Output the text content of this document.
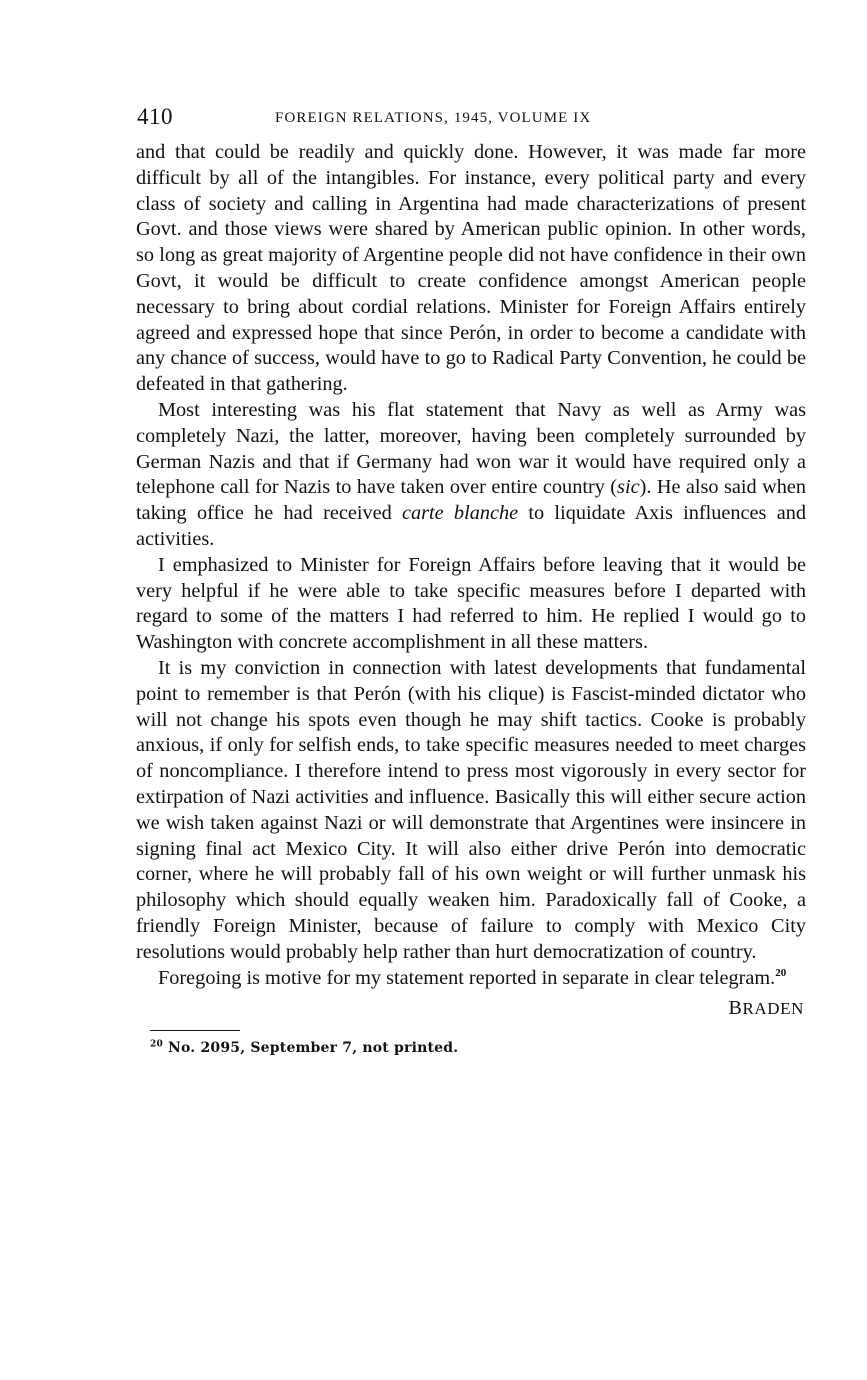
410	FOREIGN RELATIONS, 1945, VOLUME IX

and that could be readily and quickly done. However, it was made far more difficult by all of the intangibles. For instance, every political party and every class of society and calling in Argentina had made characterizations of present Govt. and those views were shared by American public opinion. In other words, so long as great majority of Argentine people did not have confidence in their own Govt, it would be difficult to create confidence amongst American people necessary to bring about cordial relations. Minister for Foreign Affairs entirely agreed and expressed hope that since Perón, in order to become a candidate with any chance of success, would have to go to Radical Party Convention, he could be defeated in that gathering.

Most interesting was his flat statement that Navy as well as Army was completely Nazi, the latter, moreover, having been completely surrounded by German Nazis and that if Germany had won war it would have required only a telephone call for Nazis to have taken over entire country (sic). He also said when taking office he had received carte blanche to liquidate Axis influences and activities.

I emphasized to Minister for Foreign Affairs before leaving that it would be very helpful if he were able to take specific measures before I departed with regard to some of the matters I had referred to him. He replied I would go to Washington with concrete accomplishment in all these matters.

It is my conviction in connection with latest developments that fundamental point to remember is that Perón (with his clique) is Fascist-minded dictator who will not change his spots even though he may shift tactics. Cooke is probably anxious, if only for selfish ends, to take specific measures needed to meet charges of noncompliance. I therefore intend to press most vigorously in every sector for extirpation of Nazi activities and influence. Basically this will either secure action we wish taken against Nazi or will demonstrate that Argentines were insincere in signing final act Mexico City. It will also either drive Perón into democratic corner, where he will probably fall of his own weight or will further unmask his philosophy which should equally weaken him. Paradoxically fall of Cooke, a friendly Foreign Minister, because of failure to comply with Mexico City resolutions would probably help rather than hurt democratization of country.

Foregoing is motive for my statement reported in separate in clear telegram.$^{20}$

BRADEN
$^{20}$ No. 2095, September 7, not printed.
